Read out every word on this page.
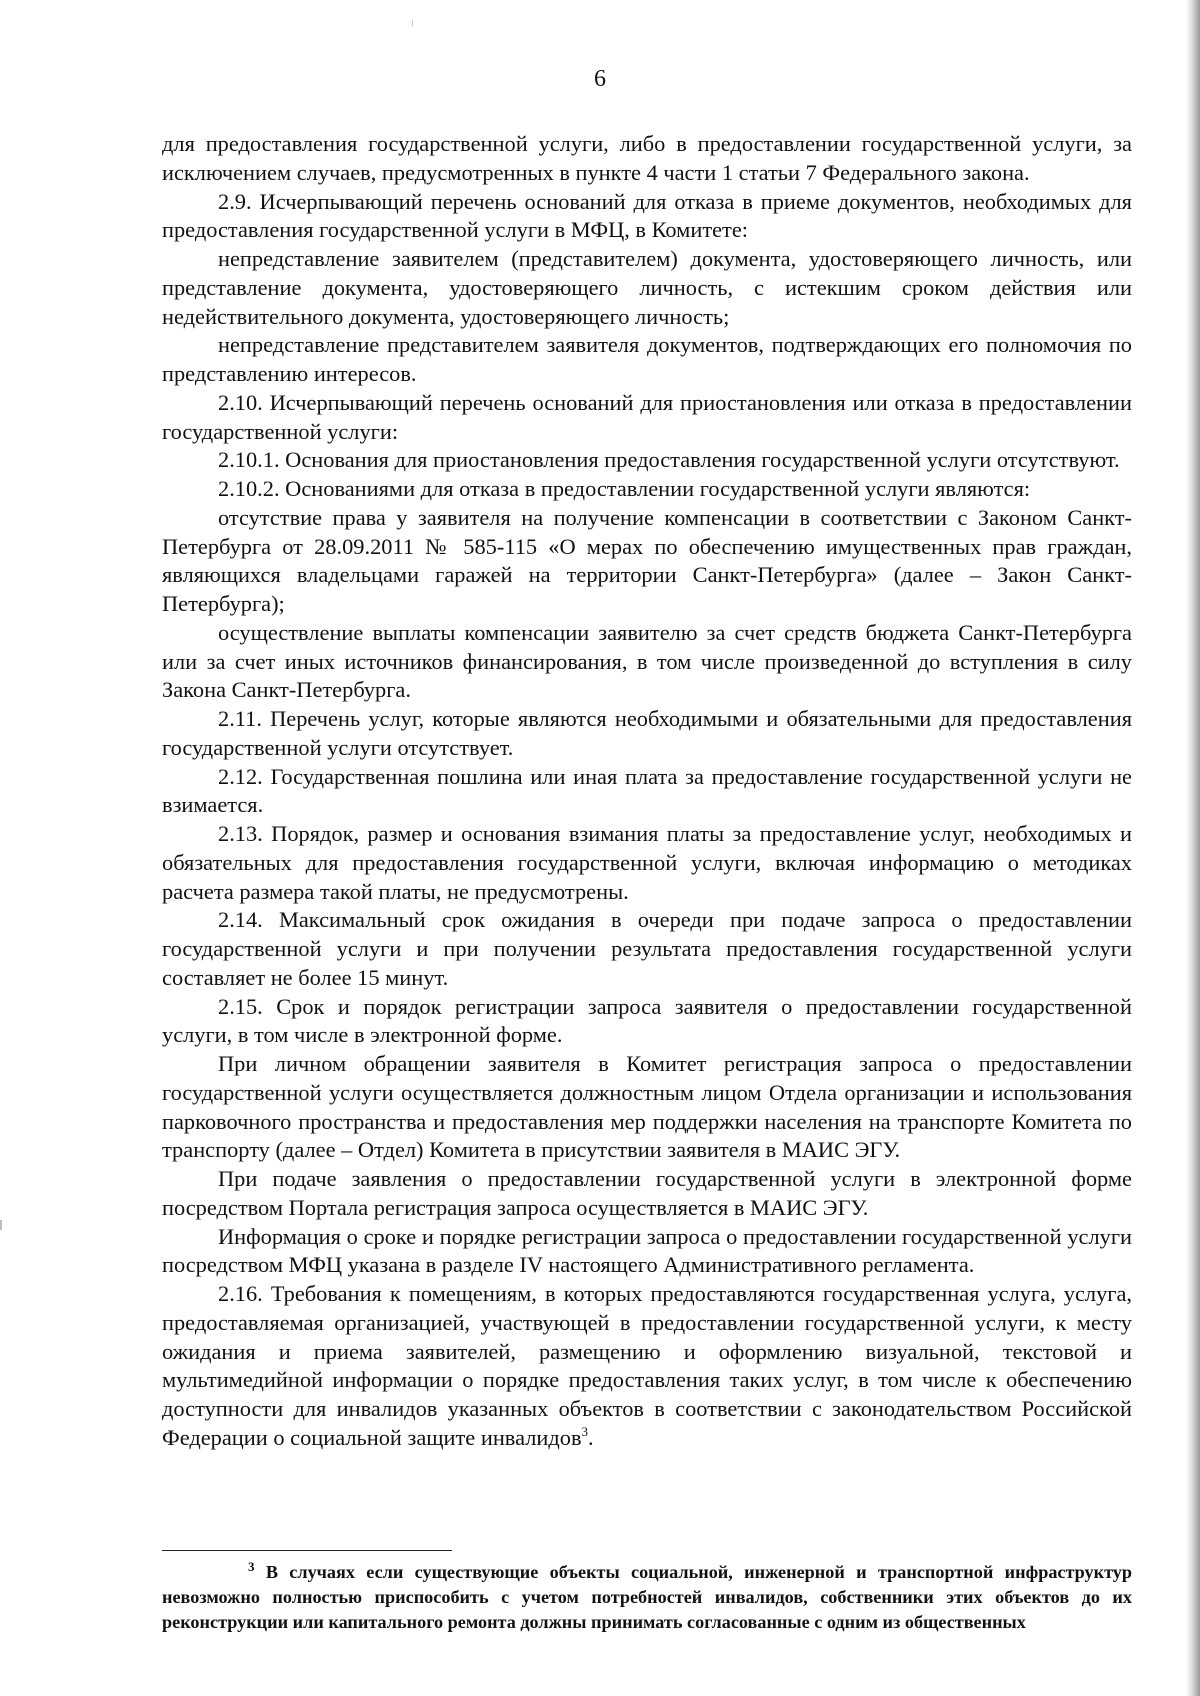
6

для предоставления государственной услуги, либо в предоставлении государственной услуги, за исключением случаев, предусмотренных в пункте 4 части 1 статьи 7 Федерального закона.

2.9. Исчерпывающий перечень оснований для отказа в приеме документов, необходимых для предоставления государственной услуги в МФЦ, в Комитете:

непредставление заявителем (представителем) документа, удостоверяющего личность, или представление документа, удостоверяющего личность, с истекшим сроком действия или недействительного документа, удостоверяющего личность;

непредставление представителем заявителя документов, подтверждающих его полномочия по представлению интересов.

2.10. Исчерпывающий перечень оснований для приостановления или отказа в предоставлении государственной услуги:

2.10.1. Основания для приостановления предоставления государственной услуги отсутствуют.

2.10.2. Основаниями для отказа в предоставлении государственной услуги являются:

отсутствие права у заявителя на получение компенсации в соответствии с Законом Санкт-Петербурга от 28.09.2011 № 585-115 «О мерах по обеспечению имущественных прав граждан, являющихся владельцами гаражей на территории Санкт-Петербурга» (далее – Закон Санкт-Петербурга);

осуществление выплаты компенсации заявителю за счет средств бюджета Санкт-Петербурга или за счет иных источников финансирования, в том числе произведенной до вступления в силу Закона Санкт-Петербурга.

2.11. Перечень услуг, которые являются необходимыми и обязательными для предоставления государственной услуги отсутствует.

2.12. Государственная пошлина или иная плата за предоставление государственной услуги не взимается.

2.13. Порядок, размер и основания взимания платы за предоставление услуг, необходимых и обязательных для предоставления государственной услуги, включая информацию о методиках расчета размера такой платы, не предусмотрены.

2.14. Максимальный срок ожидания в очереди при подаче запроса о предоставлении государственной услуги и при получении результата предоставления государственной услуги составляет не более 15 минут.

2.15. Срок и порядок регистрации запроса заявителя о предоставлении государственной услуги, в том числе в электронной форме.

При личном обращении заявителя в Комитет регистрация запроса о предоставлении государственной услуги осуществляется должностным лицом Отдела организации и использования парковочного пространства и предоставления мер поддержки населения на транспорте Комитета по транспорту (далее – Отдел) Комитета в присутствии заявителя в МАИС ЭГУ.

При подаче заявления о предоставлении государственной услуги в электронной форме посредством Портала регистрация запроса осуществляется в МАИС ЭГУ.

Информация о сроке и порядке регистрации запроса о предоставлении государственной услуги посредством МФЦ указана в разделе IV настоящего Административного регламента.

2.16. Требования к помещениям, в которых предоставляются государственная услуга, услуга, предоставляемая организацией, участвующей в предоставлении государственной услуги, к месту ожидания и приема заявителей, размещению и оформлению визуальной, текстовой и мультимедийной информации о порядке предоставления таких услуг, в том числе к обеспечению доступности для инвалидов указанных объектов в соответствии с законодательством Российской Федерации о социальной защите инвалидов$^3$.

$^3$ В случаях если существующие объекты социальной, инженерной и транспортной инфраструктур невозможно полностью приспособить с учетом потребностей инвалидов, собственники этих объектов до их реконструкции или капитального ремонта должны принимать согласованные с одним из общественных
